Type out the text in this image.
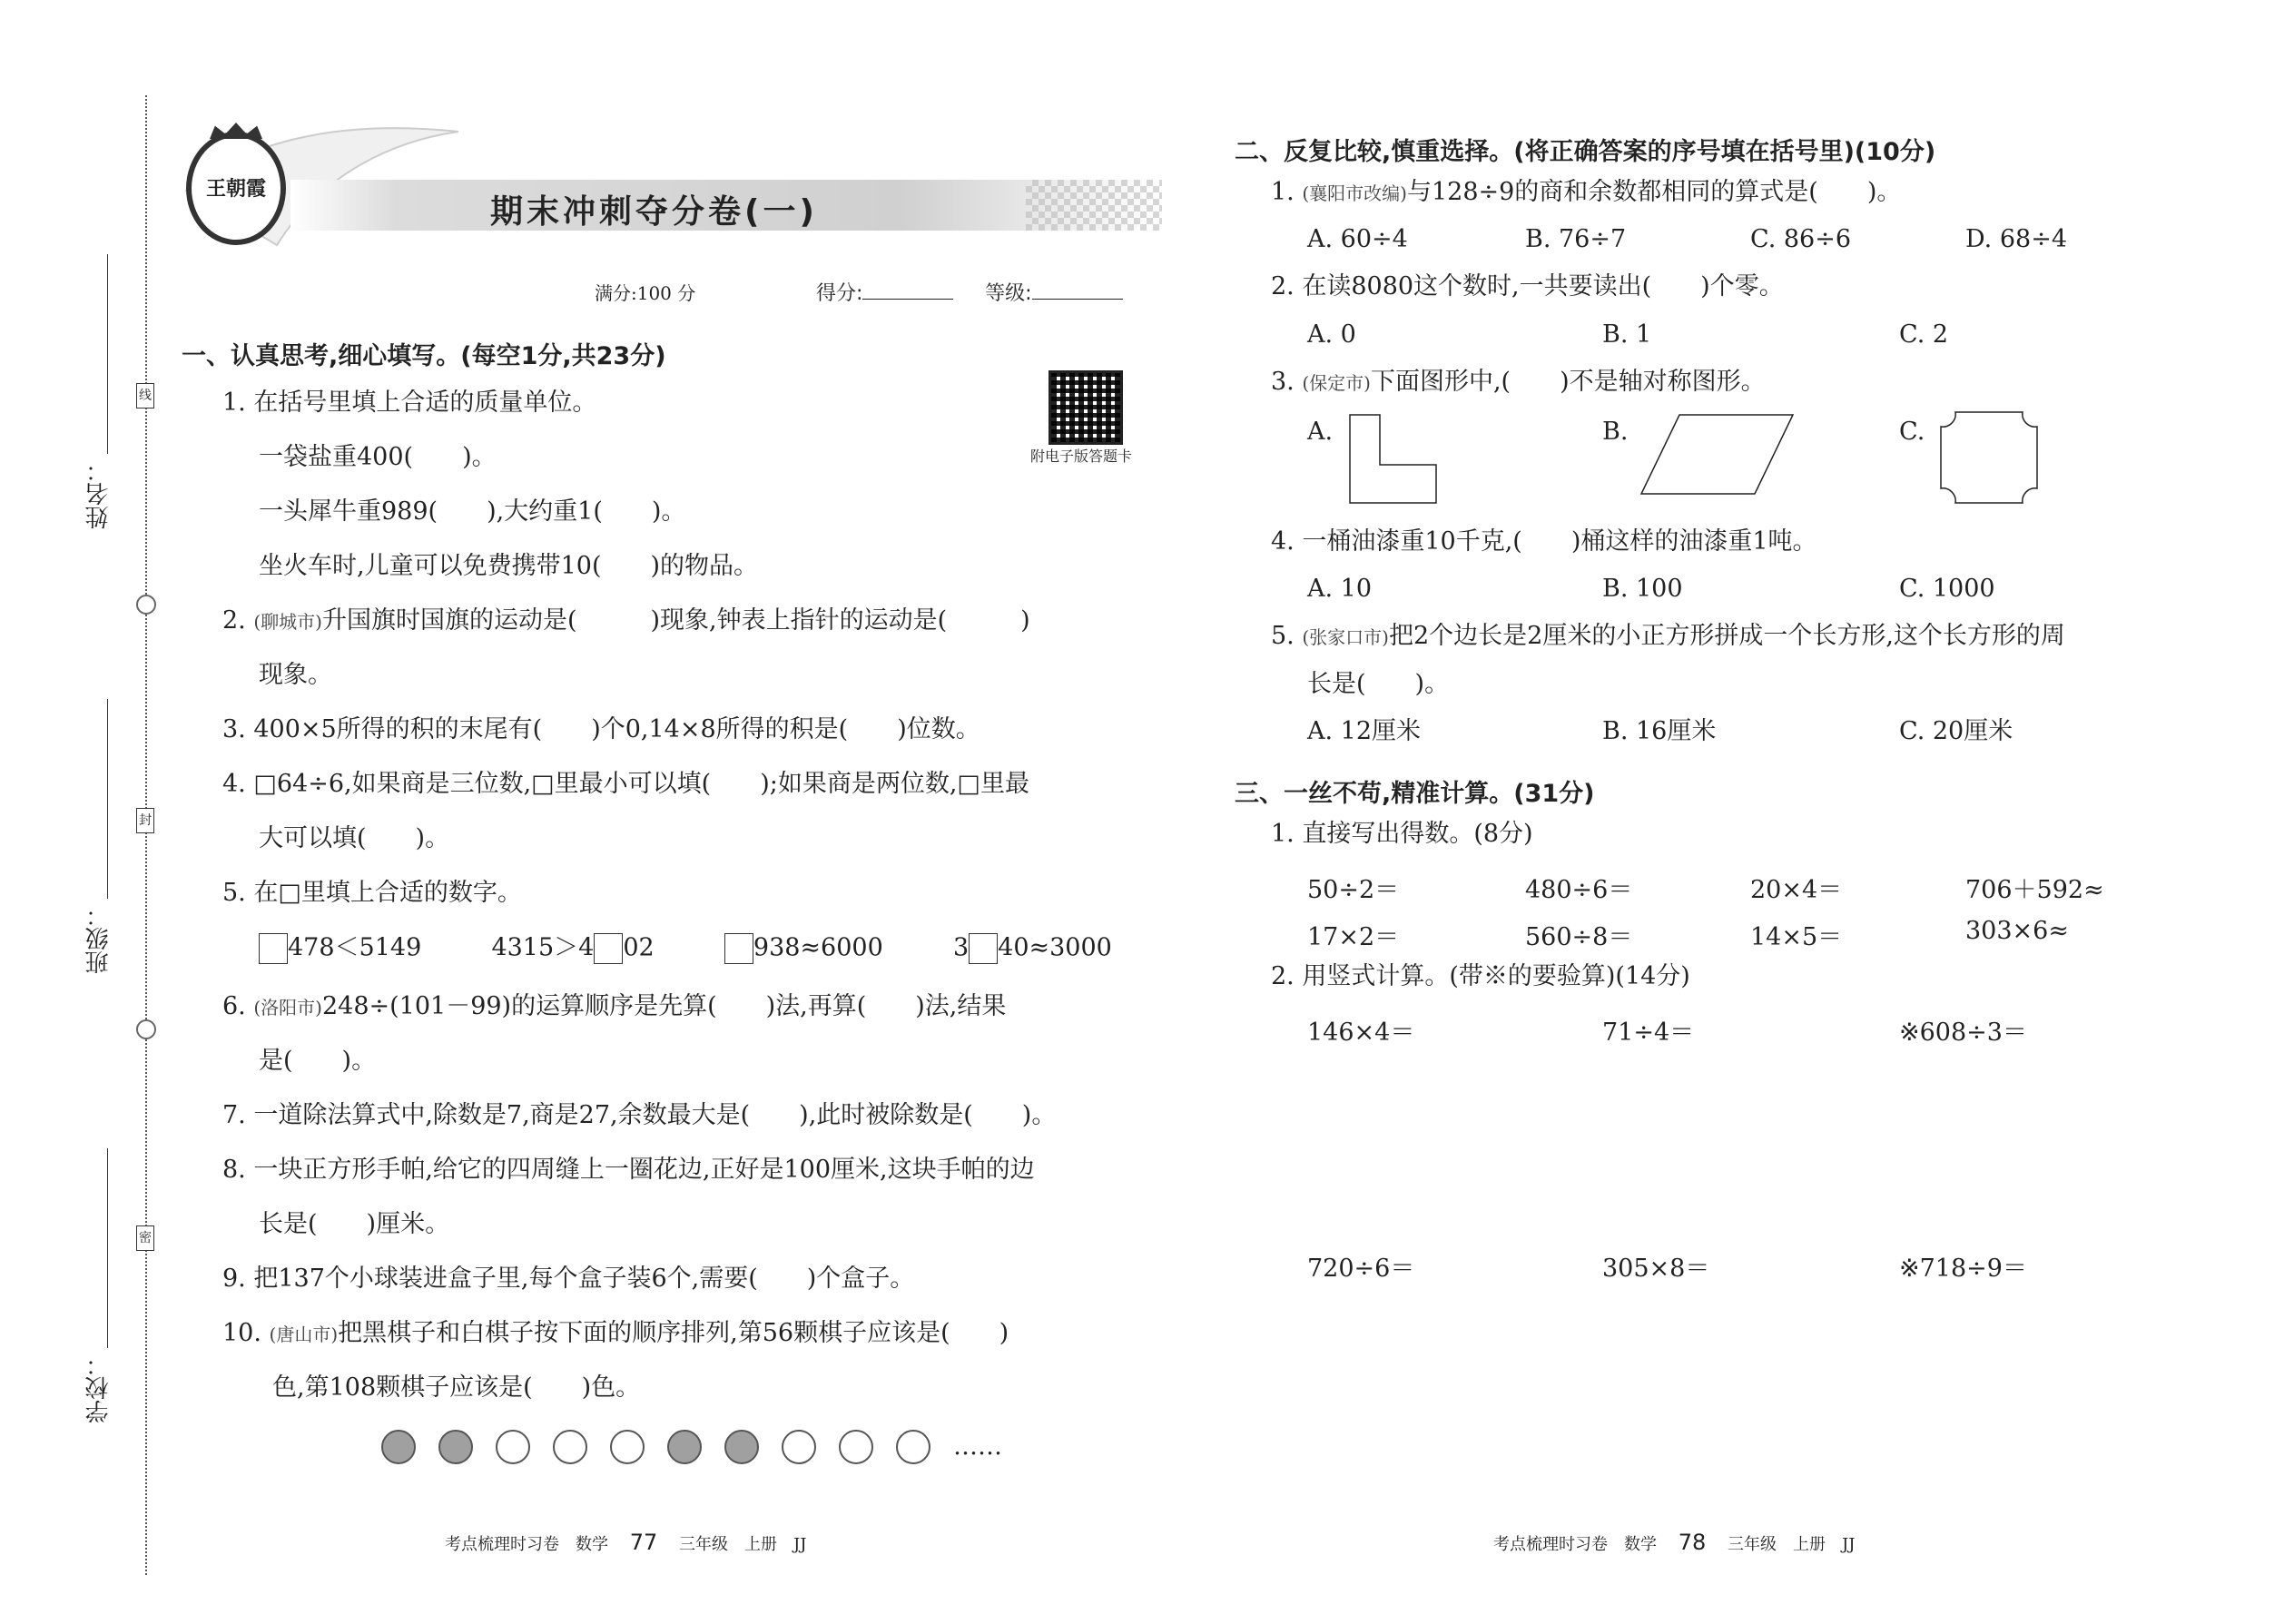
线
封
密
姓名：
班级：
学校：
王朝霞
期末冲刺夺分卷(一)
满分:100 分	得分:	等级:
附电子版答题卡
一、认真思考,细心填写。(每空1分,共23分)
1. 在括号里填上合适的质量单位。
一袋盐重400(　　)。
一头犀牛重989(　　),大约重1(　　)。
坐火车时,儿童可以免费携带10(　　)的物品。
2. (聊城市)升国旗时国旗的运动是(　　　)现象,钟表上指针的运动是(　　　)
现象。
3. 400×5所得的积的末尾有(　　)个0,14×8所得的积是(　　)位数。
4. □64÷6,如果商是三位数,□里最小可以填(　　);如果商是两位数,□里最
大可以填(　　)。
5. 在□里填上合适的数字。
478＜5149	4315＞4 02	938≈6000	3 40≈3000
6. (洛阳市)248÷(101－99)的运算顺序是先算(　　)法,再算(　　)法,结果
是(　　)。
7. 一道除法算式中,除数是7,商是27,余数最大是(　　),此时被除数是(　　)。
8. 一块正方形手帕,给它的四周缝上一圈花边,正好是100厘米,这块手帕的边
长是(　　)厘米。
9. 把137个小球装进盒子里,每个盒子装6个,需要(　　)个盒子。
10. (唐山市)把黑棋子和白棋子按下面的顺序排列,第56颗棋子应该是(　　)
色,第108颗棋子应该是(　　)色。
……
考点梳理时习卷　数学 77 三年级　上册　JJ
二、反复比较,慎重选择。(将正确答案的序号填在括号里)(10分)
1. (襄阳市改编)与128÷9的商和余数都相同的算式是(　　)。
A. 60÷4	B. 76÷7	C. 86÷6	D. 68÷4
2. 在读8080这个数时,一共要读出(　　)个零。
A. 0	B. 1	C. 2
3. (保定市)下面图形中,(　　)不是轴对称图形。
A.	B.	C.
4. 一桶油漆重10千克,(　　)桶这样的油漆重1吨。
A. 10	B. 100	C. 1000
5. (张家口市)把2个边长是2厘米的小正方形拼成一个长方形,这个长方形的周
长是(　　)。
A. 12厘米	B. 16厘米	C. 20厘米
三、一丝不苟,精准计算。(31分)
1. 直接写出得数。(8分)
50÷2＝	480÷6＝	20×4＝	706＋592≈
17×2＝	560÷8＝	14×5＝	303×6≈
2. 用竖式计算。(带※的要验算)(14分)
146×4＝	71÷4＝	※608÷3＝
720÷6＝	305×8＝	※718÷9＝
考点梳理时习卷　数学 78 三年级　上册　JJ
